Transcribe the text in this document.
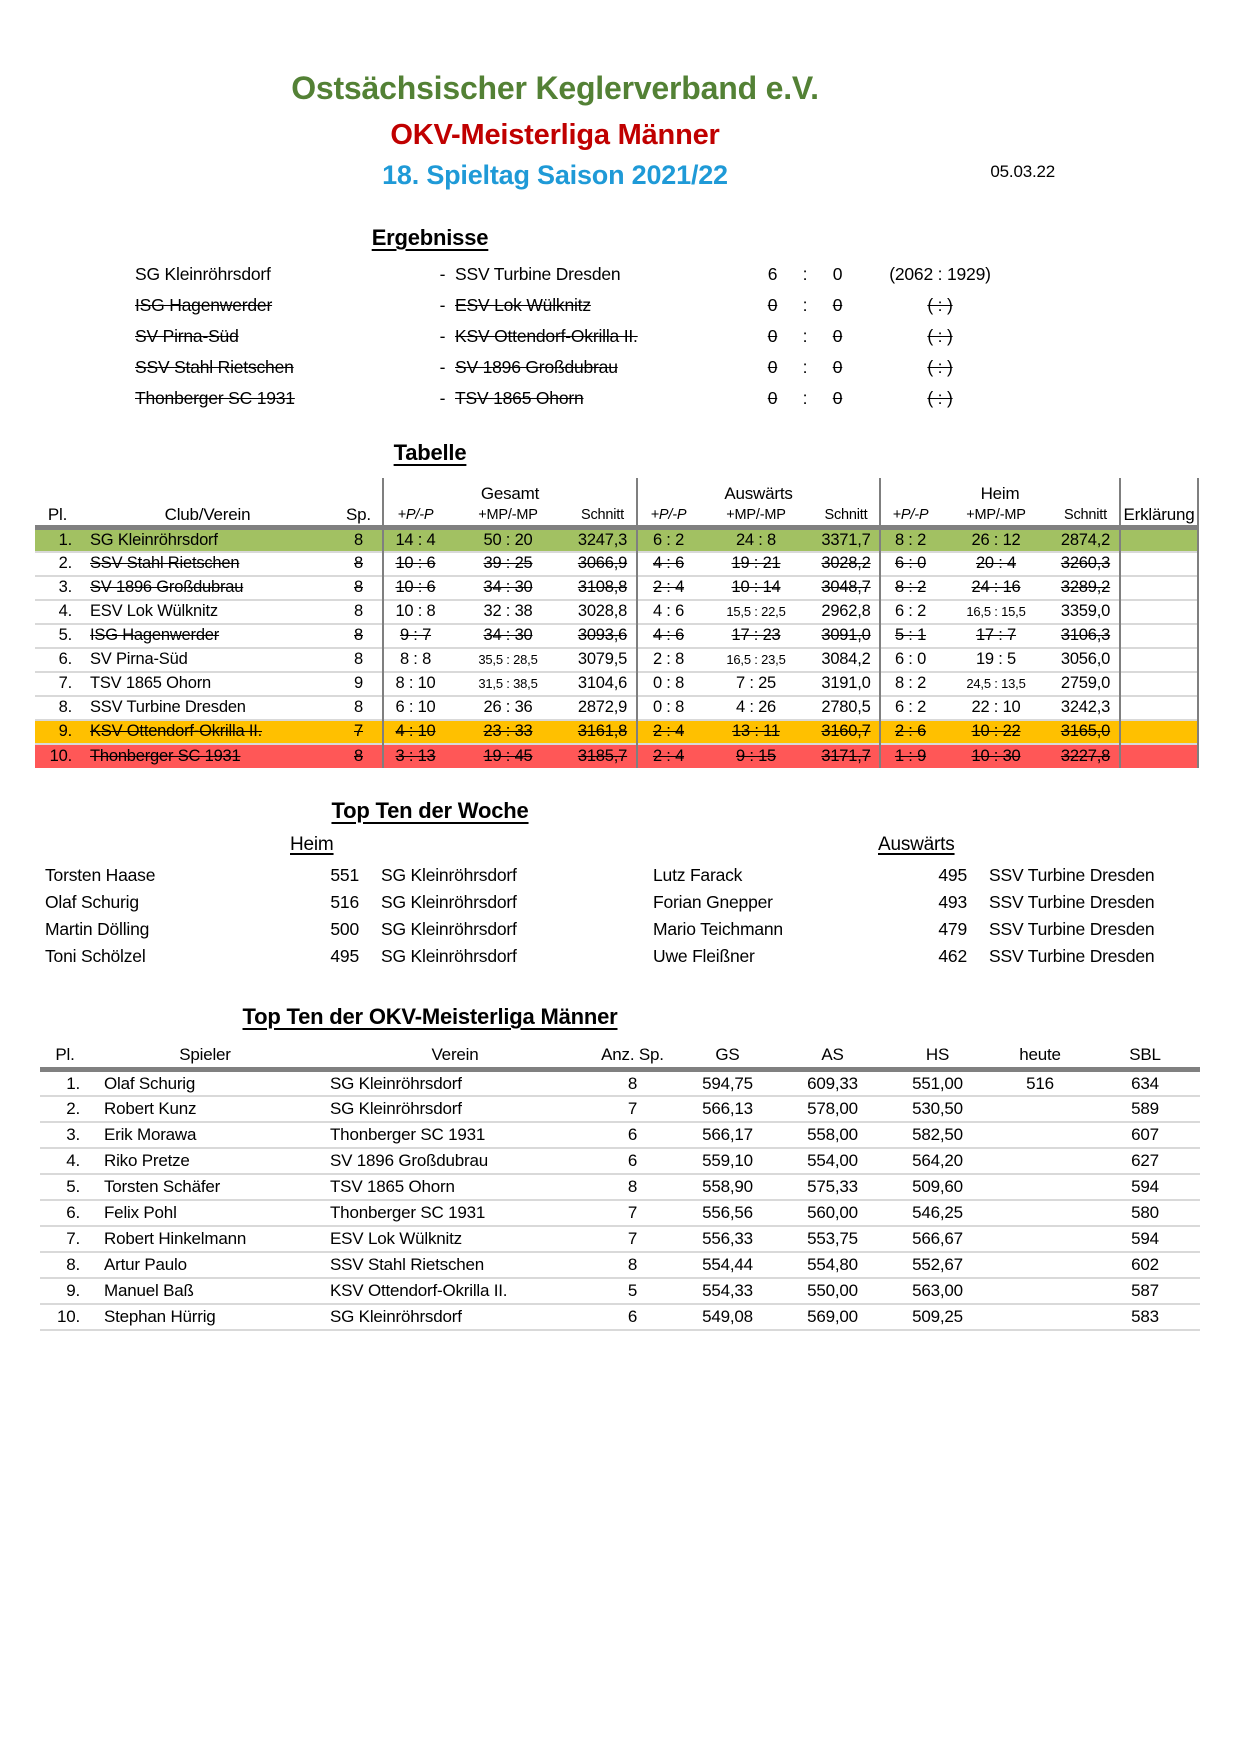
Ostsächsischer Keglerverband e.V.
OKV-Meisterliga Männer
18. Spieltag Saison 2021/22	05.03.22
Ergebnisse
SG Kleinröhrsdorf	- SSV Turbine Dresden	6	:	0	(2062 : 1929)
ISG Hagenwerder	- ESV Lok Wülknitz	0	:	0	( : )
SV Pirna-Süd	- KSV Ottendorf-Okrilla II.	0	:	0	( : )
SSV Stahl Rietschen	- SV 1896 Großdubrau	0	:	0	( : )
Thonberger SC 1931	- TSV 1865 Ohorn	0	:	0	( : )
Tabelle
Pl.	Club/Verein	Sp.	Gesamt			Auswärts			Heim			Erklärung
			+P/-P	+MP/-MP	Schnitt	+P/-P	+MP/-MP	Schnitt	+P/-P	+MP/-MP	Schnitt	
1.	SG Kleinröhrsdorf	8	14 : 4	50 : 20	3247,3	6 : 2	24 : 8	3371,7	8 : 2	26 : 12	2874,2	
2.	SSV Stahl Rietschen	8	10 : 6	39 : 25	3066,9	4 : 6	19 : 21	3028,2	6 : 0	20 : 4	3260,3	
3.	SV 1896 Großdubrau	8	10 : 6	34 : 30	3108,8	2 : 4	10 : 14	3048,7	8 : 2	24 : 16	3289,2	
4.	ESV Lok Wülknitz	8	10 : 8	32 : 38	3028,8	4 : 6	15,5 : 22,5	2962,8	6 : 2	16,5 : 15,5	3359,0	
5.	ISG Hagenwerder	8	9 : 7	34 : 30	3093,6	4 : 6	17 : 23	3091,0	5 : 1	17 : 7	3106,3	
6.	SV Pirna-Süd	8	8 : 8	35,5 : 28,5	3079,5	2 : 8	16,5 : 23,5	3084,2	6 : 0	19 : 5	3056,0	
7.	TSV 1865 Ohorn	9	8 : 10	31,5 : 38,5	3104,6	0 : 8	7 : 25	3191,0	8 : 2	24,5 : 13,5	2759,0	
8.	SSV Turbine Dresden	8	6 : 10	26 : 36	2872,9	0 : 8	4 : 26	2780,5	6 : 2	22 : 10	3242,3	
9.	KSV Ottendorf-Okrilla II.	7	4 : 10	23 : 33	3161,8	2 : 4	13 : 11	3160,7	2 : 6	10 : 22	3165,0	
10.	Thonberger SC 1931	8	3 : 13	19 : 45	3185,7	2 : 4	9 : 15	3171,7	1 : 9	10 : 30	3227,8	
Top Ten der Woche
Heim
Torsten Haase	551	SG Kleinröhrsdorf
Olaf Schurig	516	SG Kleinröhrsdorf
Martin Dölling	500	SG Kleinröhrsdorf
Toni Schölzel	495	SG Kleinröhrsdorf
Auswärts
Lutz Farack	495	SSV Turbine Dresden
Forian Gnepper	493	SSV Turbine Dresden
Mario Teichmann	479	SSV Turbine Dresden
Uwe Fleißner	462	SSV Turbine Dresden
Top Ten der OKV-Meisterliga Männer
Pl.	Spieler	Verein	Anz. Sp.	GS	AS	HS	heute	SBL
1.	Olaf Schurig	SG Kleinröhrsdorf	8	594,75	609,33	551,00	516	634
2.	Robert Kunz	SG Kleinröhrsdorf	7	566,13	578,00	530,50		589
3.	Erik Morawa	Thonberger SC 1931	6	566,17	558,00	582,50		607
4.	Riko Pretze	SV 1896 Großdubrau	6	559,10	554,00	564,20		627
5.	Torsten Schäfer	TSV 1865 Ohorn	8	558,90	575,33	509,60		594
6.	Felix Pohl	Thonberger SC 1931	7	556,56	560,00	546,25		580
7.	Robert Hinkelmann	ESV Lok Wülknitz	7	556,33	553,75	566,67		594
8.	Artur Paulo	SSV Stahl Rietschen	8	554,44	554,80	552,67		602
9.	Manuel Baß	KSV Ottendorf-Okrilla II.	5	554,33	550,00	563,00		587
10.	Stephan Hürrig	SG Kleinröhrsdorf	6	549,08	569,00	509,25		583
